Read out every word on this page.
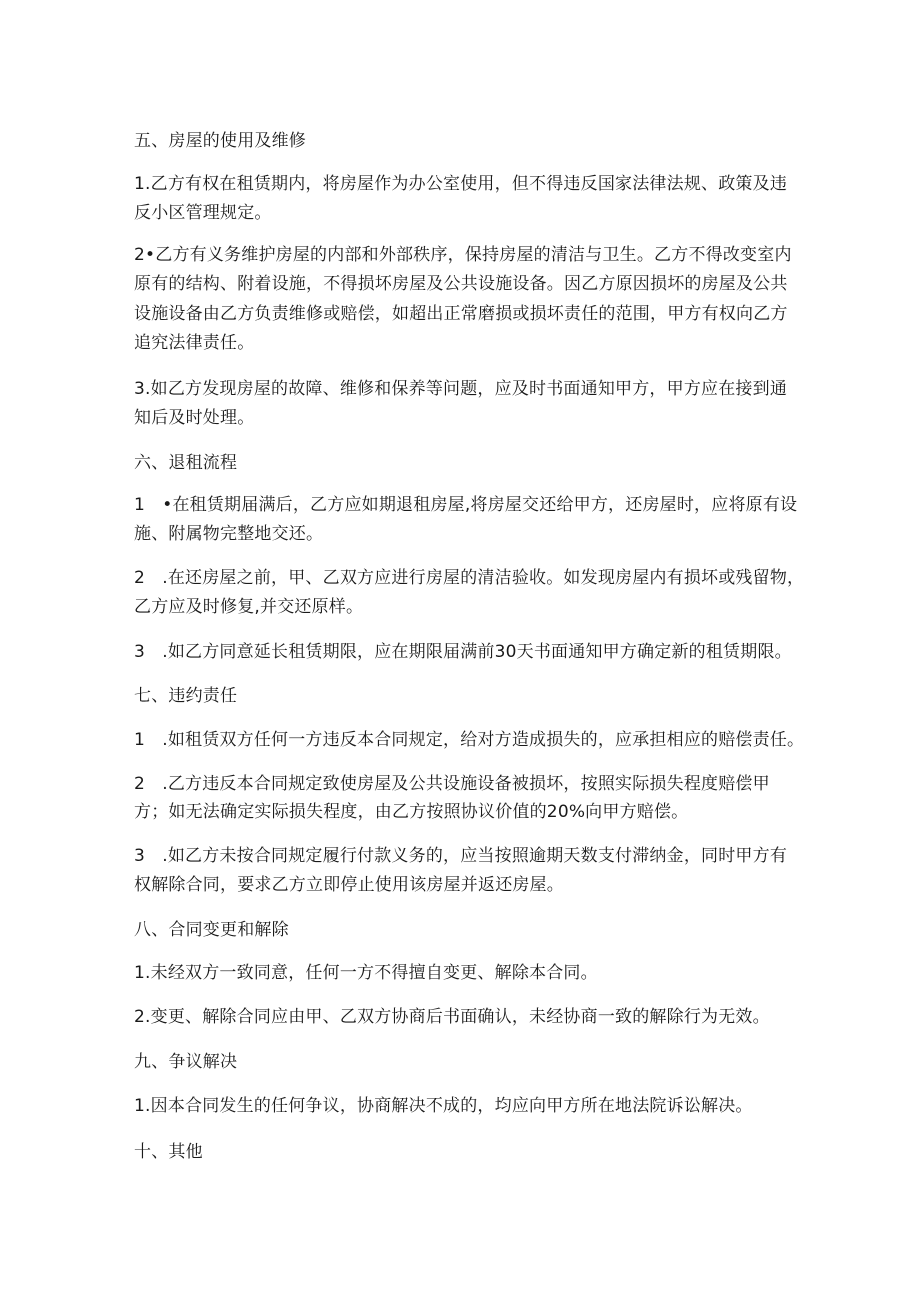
五、房屋的使用及维修
1.乙方有权在租赁期内，将房屋作为办公室使用，但不得违反国家法律法规、政策及违
反小区管理规定。
2•乙方有义务维护房屋的内部和外部秩序，保持房屋的清洁与卫生。乙方不得改变室内
原有的结构、附着设施，不得损坏房屋及公共设施设备。因乙方原因损坏的房屋及公共
设施设备由乙方负责维修或赔偿，如超出正常磨损或损坏责任的范围，甲方有权向乙方
追究法律责任。
3.如乙方发现房屋的故障、维修和保养等问题，应及时书面通知甲方，甲方应在接到通
知后及时处理。
六、退租流程
1　•在租赁期届满后，乙方应如期退租房屋,将房屋交还给甲方，还房屋时，应将原有设
施、附属物完整地交还。
2　.在还房屋之前，甲、乙双方应进行房屋的清洁验收。如发现房屋内有损坏或残留物，
乙方应及时修复,并交还原样。
3　.如乙方同意延长租赁期限，应在期限届满前30天书面通知甲方确定新的租赁期限。
七、违约责任
1　.如租赁双方任何一方违反本合同规定，给对方造成损失的，应承担相应的赔偿责任。
2　.乙方违反本合同规定致使房屋及公共设施设备被损坏，按照实际损失程度赔偿甲
方；如无法确定实际损失程度，由乙方按照协议价值的20%向甲方赔偿。
3　.如乙方未按合同规定履行付款义务的，应当按照逾期天数支付滞纳金，同时甲方有
权解除合同，要求乙方立即停止使用该房屋并返还房屋。
八、合同变更和解除
1.未经双方一致同意，任何一方不得擅自变更、解除本合同。
2.变更、解除合同应由甲、乙双方协商后书面确认，未经协商一致的解除行为无效。
九、争议解决
1.因本合同发生的任何争议，协商解决不成的，均应向甲方所在地法院诉讼解决。
十、其他
